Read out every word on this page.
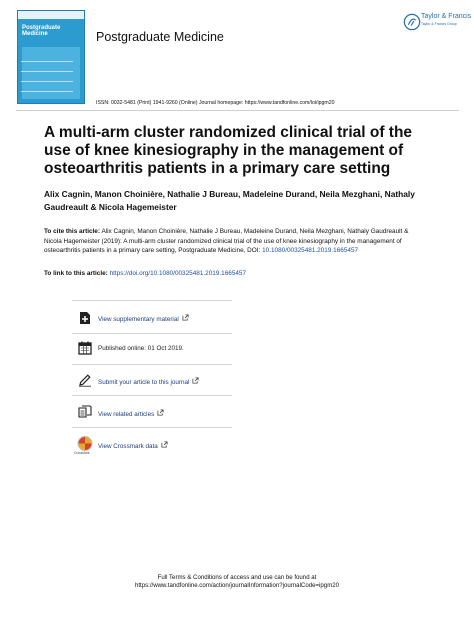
Postgraduate
Medicine	Postgraduate Medicine
Taylor & Francis
Taylor & Francis Group
ISSN: 0032-5481 (Print) 1941-9260 (Online) Journal homepage: https://www.tandfonline.com/loi/ipgm20
A multi-arm cluster randomized clinical trial of the use of knee kinesiography in the management of osteoarthritis patients in a primary care setting
Alix Cagnin, Manon Choinière, Nathalie J Bureau, Madeleine Durand, Neila Mezghani, Nathaly Gaudreault & Nicola Hagemeister
To cite this article: Alix Cagnin, Manon Choinière, Nathalie J Bureau, Madeleine Durand, Neila Mezghani, Nathaly Gaudreault & Nicola Hagemeister (2019): A multi-arm cluster randomized clinical trial of the use of knee kinesiography in the management of osteoarthritis patients in a primary care setting, Postgraduate Medicine, DOI: 10.1080/00325481.2019.1665457
To link to this article: https://doi.org/10.1080/00325481.2019.1665457
View supplementary material
Published online: 01 Oct 2019.
Submit your article to this journal
View related articles
CrossMark
View Crossmark data
Full Terms & Conditions of access and use can be found at
https://www.tandfonline.com/action/journalInformation?journalCode=ipgm20
